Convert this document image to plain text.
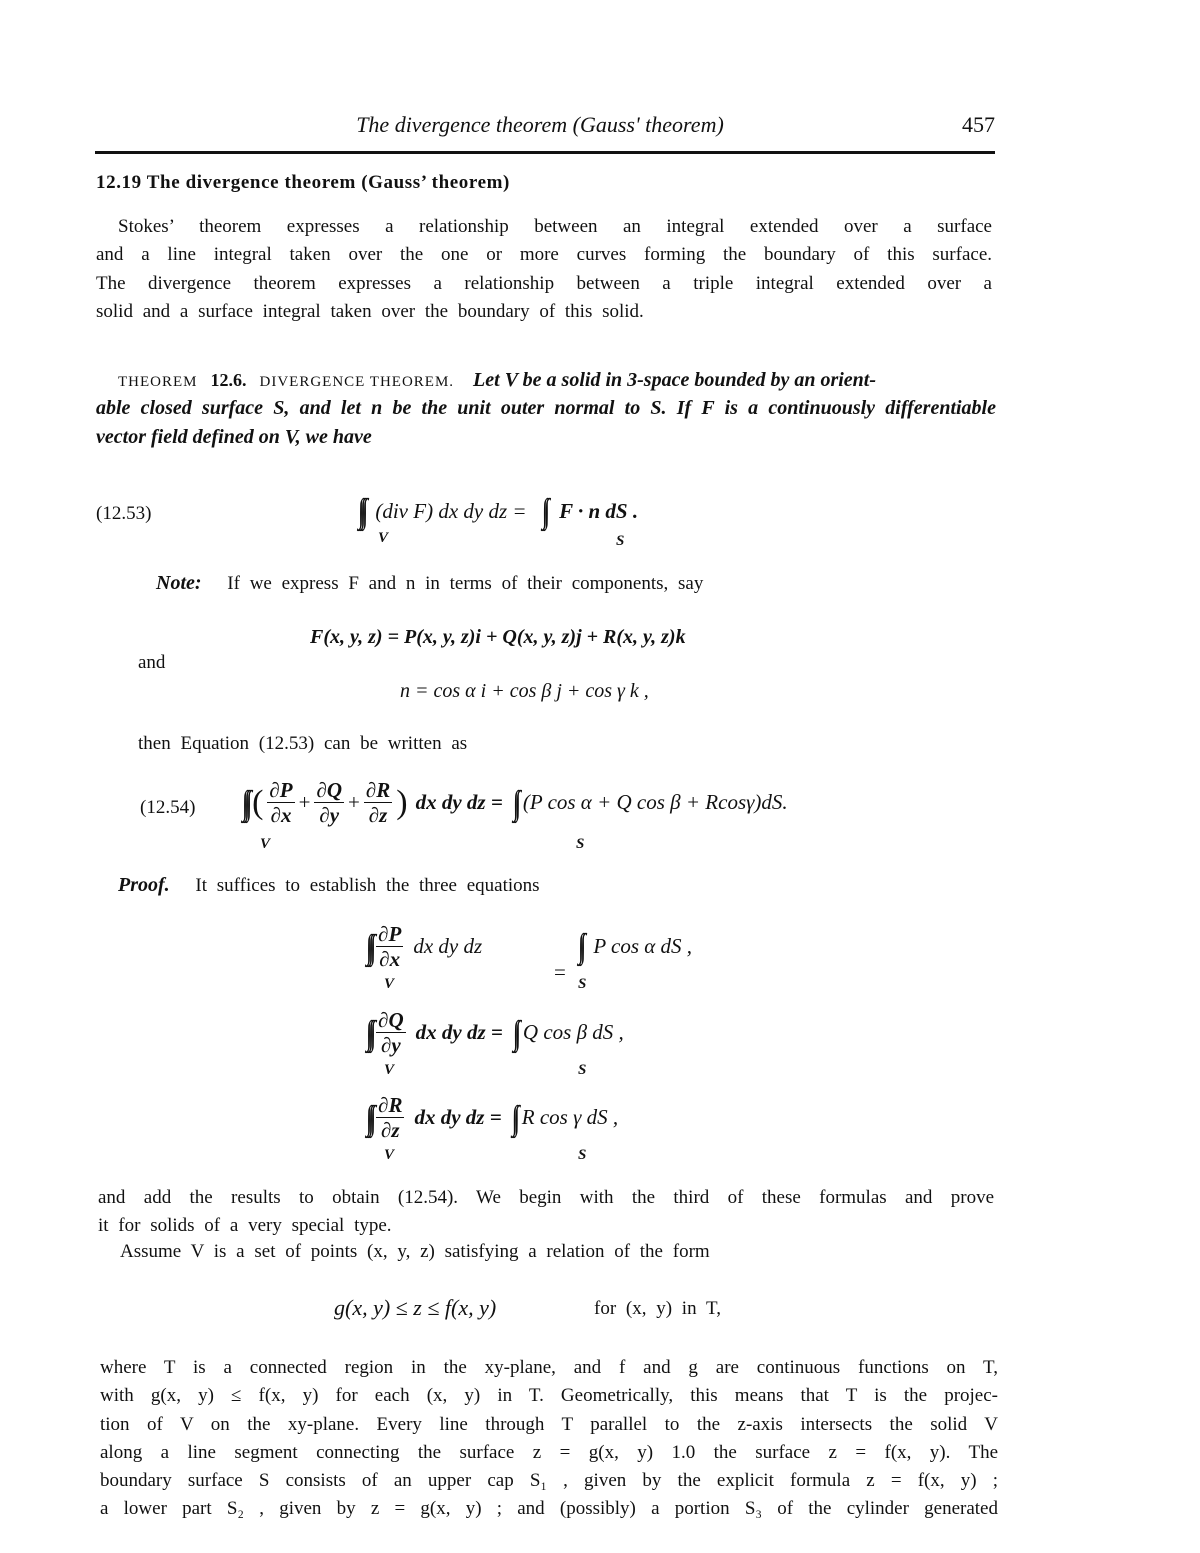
The divergence theorem (Gauss' theorem)	457
12.19 The divergence theorem (Gauss’ theorem)
Stokes’ theorem expresses a relationship between an integral extended over a surface
and a line integral taken over the one or more curves forming the boundary of this surface.
The divergence theorem expresses a relationship between a triple integral extended over a
solid and a surface integral taken over the boundary of this solid.
THEOREM 12.6. DIVERGENCE THEOREM. Let V be a solid in 3-space bounded by an orient-
able closed surface S, and let n be the unit outer normal to S. If F is a continuously differentiable
vector field defined on V, we have
(12.53)	∫∫∫ (div F) dx dy dz = ∫∫ F · n dS .
V	S
Note: If we express F and n in terms of their components, say
F(x, y, z) = P(x, y, z)i + Q(x, y, z)j + R(x, y, z)k
and
n = cos α i + cos β j + cos γ k ,
then Equation (12.53) can be written as
(12.54) ∫∫∫ ( $\frac{\partial P}{\partial x} + \frac{\partial Q}{\partial y} + \frac{\partial R}{\partial z}$ ) dx dy dz = ∫∫ (P cos α + Q cos β + Rcosγ)dS.
V	S
Proof. It suffices to establish the three equations
∫∫∫ $\frac{\partial P}{\partial x}$ dx dy dz
=
∫∫ P cos α dS ,
V	S
∫∫∫ $\frac{\partial Q}{\partial y}$ dx dy dz = ∫∫ Q cos β dS ,
V	S
∫∫∫ $\frac{\partial R}{\partial z}$ dx dy dz = ∫∫ R cos γ dS ,
V	S
and add the results to obtain (12.54). We begin with the third of these formulas and prove
it for solids of a very special type.
Assume V is a set of points (x, y, z) satisfying a relation of the form
g(x, y) ≤ z ≤ f(x, y)	for (x, y) in T,
where T is a connected region in the xy-plane, and f and g are continuous functions on T,
with g(x, y) ≤ f(x, y) for each (x, y) in T. Geometrically, this means that T is the projec-
tion of V on the xy-plane. Every line through T parallel to the z-axis intersects the solid V
along a line segment connecting the surface z = g(x, y) 1.0 the surface z = f(x, y). The
boundary surface S consists of an upper cap S₁ , given by the explicit formula z = f(x, y) ;
a lower part S₂ , given by z = g(x, y) ; and (possibly) a portion S₃ of the cylinder generated
